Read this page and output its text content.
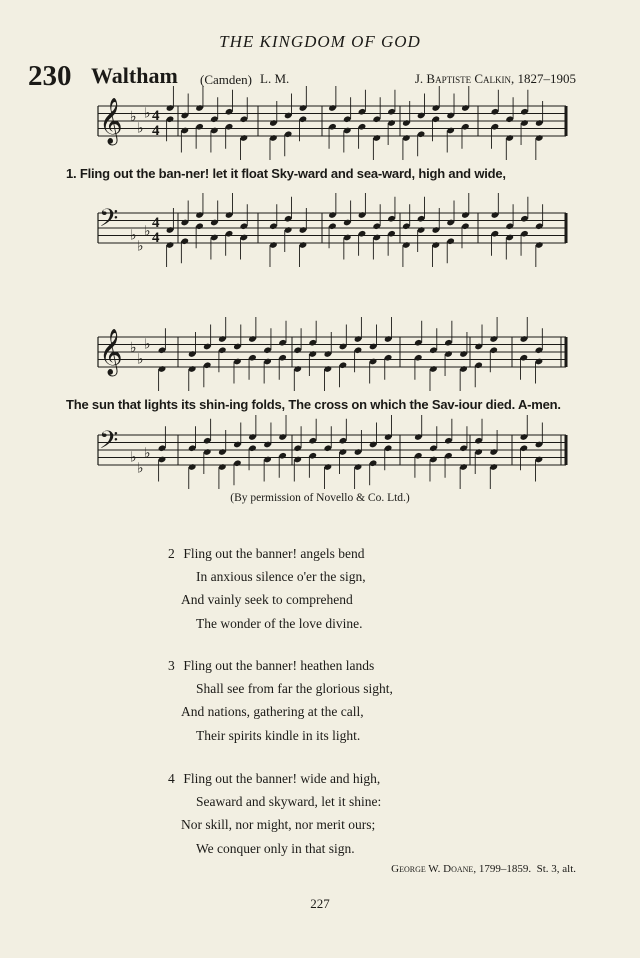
THE KINGDOM OF GOD
230 Waltham (Camden) L. M.	J. Baptiste Calkin, 1827–1905
𝄞 ♭
♭
♭ 4
4
𝄢 ♭
♭
♭
4
4
𝄞 ♭
♭
♭
𝄢 ♭
♭
♭
1. Fling out the ban-ner! let it float Sky-ward and sea-ward, high and wide,
The sun that lights its shin-ing folds, The cross on which the Sav-iour died. A-men.
(By permission of Novello & Co. Ltd.)
2 Fling out the banner! angels bend
In anxious silence o'er the sign,
And vainly seek to comprehend
The wonder of the love divine.
3 Fling out the banner! heathen lands
Shall see from far the glorious sight,
And nations, gathering at the call,
Their spirits kindle in its light.
4 Fling out the banner! wide and high,
Seaward and skyward, let it shine:
Nor skill, nor might, nor merit ours;
We conquer only in that sign.
George W. Doane, 1799–1859. St. 3, alt.
227
